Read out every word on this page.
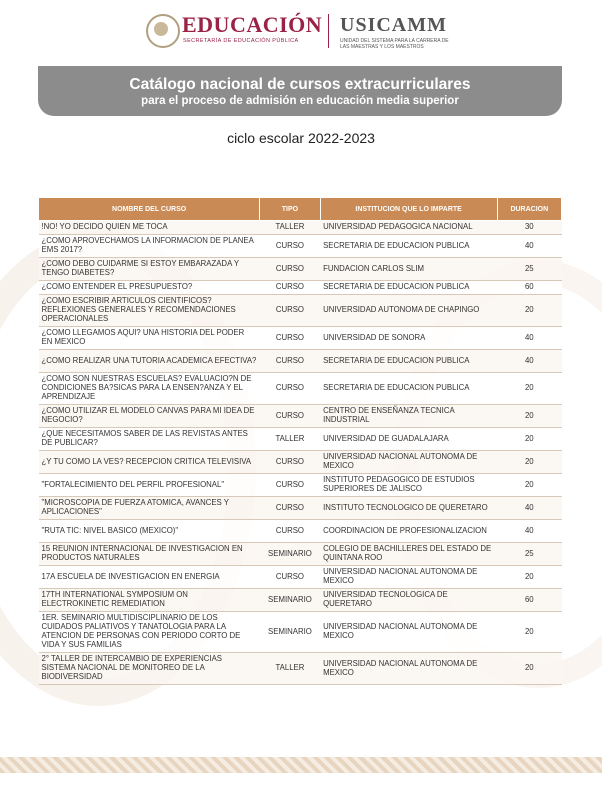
EDUCACIÓN
SECRETARÍA DE EDUCACIÓN PÚBLICA
USICAMM
UNIDAD DEL SISTEMA PARA LA CARRERA DE LAS MAESTRAS Y LOS MAESTROS
Catálogo nacional de cursos extracurriculares
para el proceso de admisión en educación media superior
ciclo escolar 2022-2023
NOMBRE DEL CURSO	TIPO	INSTITUCION QUE LO IMPARTE	DURACION
!NO! YO DECIDO QUIEN ME TOCA	TALLER	UNIVERSIDAD PEDAGOGICA NACIONAL	30
¿COMO APROVECHAMOS LA INFORMACION DE PLANEA EMS 2017?	CURSO	SECRETARIA DE EDUCACION PUBLICA	40
¿COMO DEBO CUIDARME SI ESTOY EMBARAZADA Y TENGO DIABETES?	CURSO	FUNDACION CARLOS SLIM	25
¿COMO ENTENDER EL PRESUPUESTO?	CURSO	SECRETARIA DE EDUCACION PUBLICA	60
¿COMO ESCRIBIR ARTICULOS CIENTIFICOS? REFLEXIONES GENERALES Y RECOMENDACIONES OPERACIONALES	CURSO	UNIVERSIDAD AUTONOMA DE CHAPINGO	20
¿COMO LLEGAMOS AQUI? UNA HISTORIA DEL PODER EN MEXICO	CURSO	UNIVERSIDAD DE SONORA	40
¿COMO REALIZAR UNA TUTORIA ACADEMICA EFECTIVA?	CURSO	SECRETARIA DE EDUCACION PUBLICA	40
¿COMO SON NUESTRAS ESCUELAS? EVALUACIO?N DE CONDICIONES BA?SICAS PARA LA ENSEN?ANZA Y EL APRENDIZAJE	CURSO	SECRETARIA DE EDUCACION PUBLICA	20
¿COMO UTILIZAR EL MODELO CANVAS PARA MI IDEA DE NEGOCIO?	CURSO	CENTRO DE ENSEÑANZA TECNICA INDUSTRIAL	20
¿QUE NECESITAMOS SABER DE LAS REVISTAS ANTES DE PUBLICAR?	TALLER	UNIVERSIDAD DE GUADALAJARA	20
¿Y TU COMO LA VES? RECEPCION CRITICA TELEVISIVA	CURSO	UNIVERSIDAD NACIONAL AUTONOMA DE MEXICO	20
"FORTALECIMIENTO DEL PERFIL PROFESIONAL"	CURSO	INSTITUTO PEDAGOGICO DE ESTUDIOS SUPERIORES DE JALISCO	20
"MICROSCOPIA DE FUERZA ATOMICA, AVANCES Y APLICACIONES"	CURSO	INSTITUTO TECNOLOGICO DE QUERETARO	40
"RUTA TIC: NIVEL BASICO (MEXICO)"	CURSO	COORDINACION DE PROFESIONALIZACION	40
15 REUNION INTERNACIONAL DE INVESTIGACION EN PRODUCTOS NATURALES	SEMINARIO	COLEGIO DE BACHILLERES DEL ESTADO DE QUINTANA ROO	25
17A ESCUELA DE INVESTIGACION EN ENERGIA	CURSO	UNIVERSIDAD NACIONAL AUTONOMA DE MEXICO	20
17TH INTERNATIONAL SYMPOSIUM ON ELECTROKINETIC REMEDIATION	SEMINARIO	UNIVERSIDAD TECNOLOGICA DE QUERETARO	60
1ER. SEMINARIO MULTIDISCIPLINARIO DE LOS CUIDADOS PALIATIVOS Y TANATOLOGIA PARA LA ATENCION DE PERSONAS CON PERIODO CORTO DE VIDA Y SUS FAMILIAS	SEMINARIO	UNIVERSIDAD NACIONAL AUTONOMA DE MEXICO	20
2° TALLER DE INTERCAMBIO DE EXPERIENCIAS SISTEMA NACIONAL DE MONITOREO DE LA BIODIVERSIDAD	TALLER	UNIVERSIDAD NACIONAL AUTONOMA DE MEXICO	20
